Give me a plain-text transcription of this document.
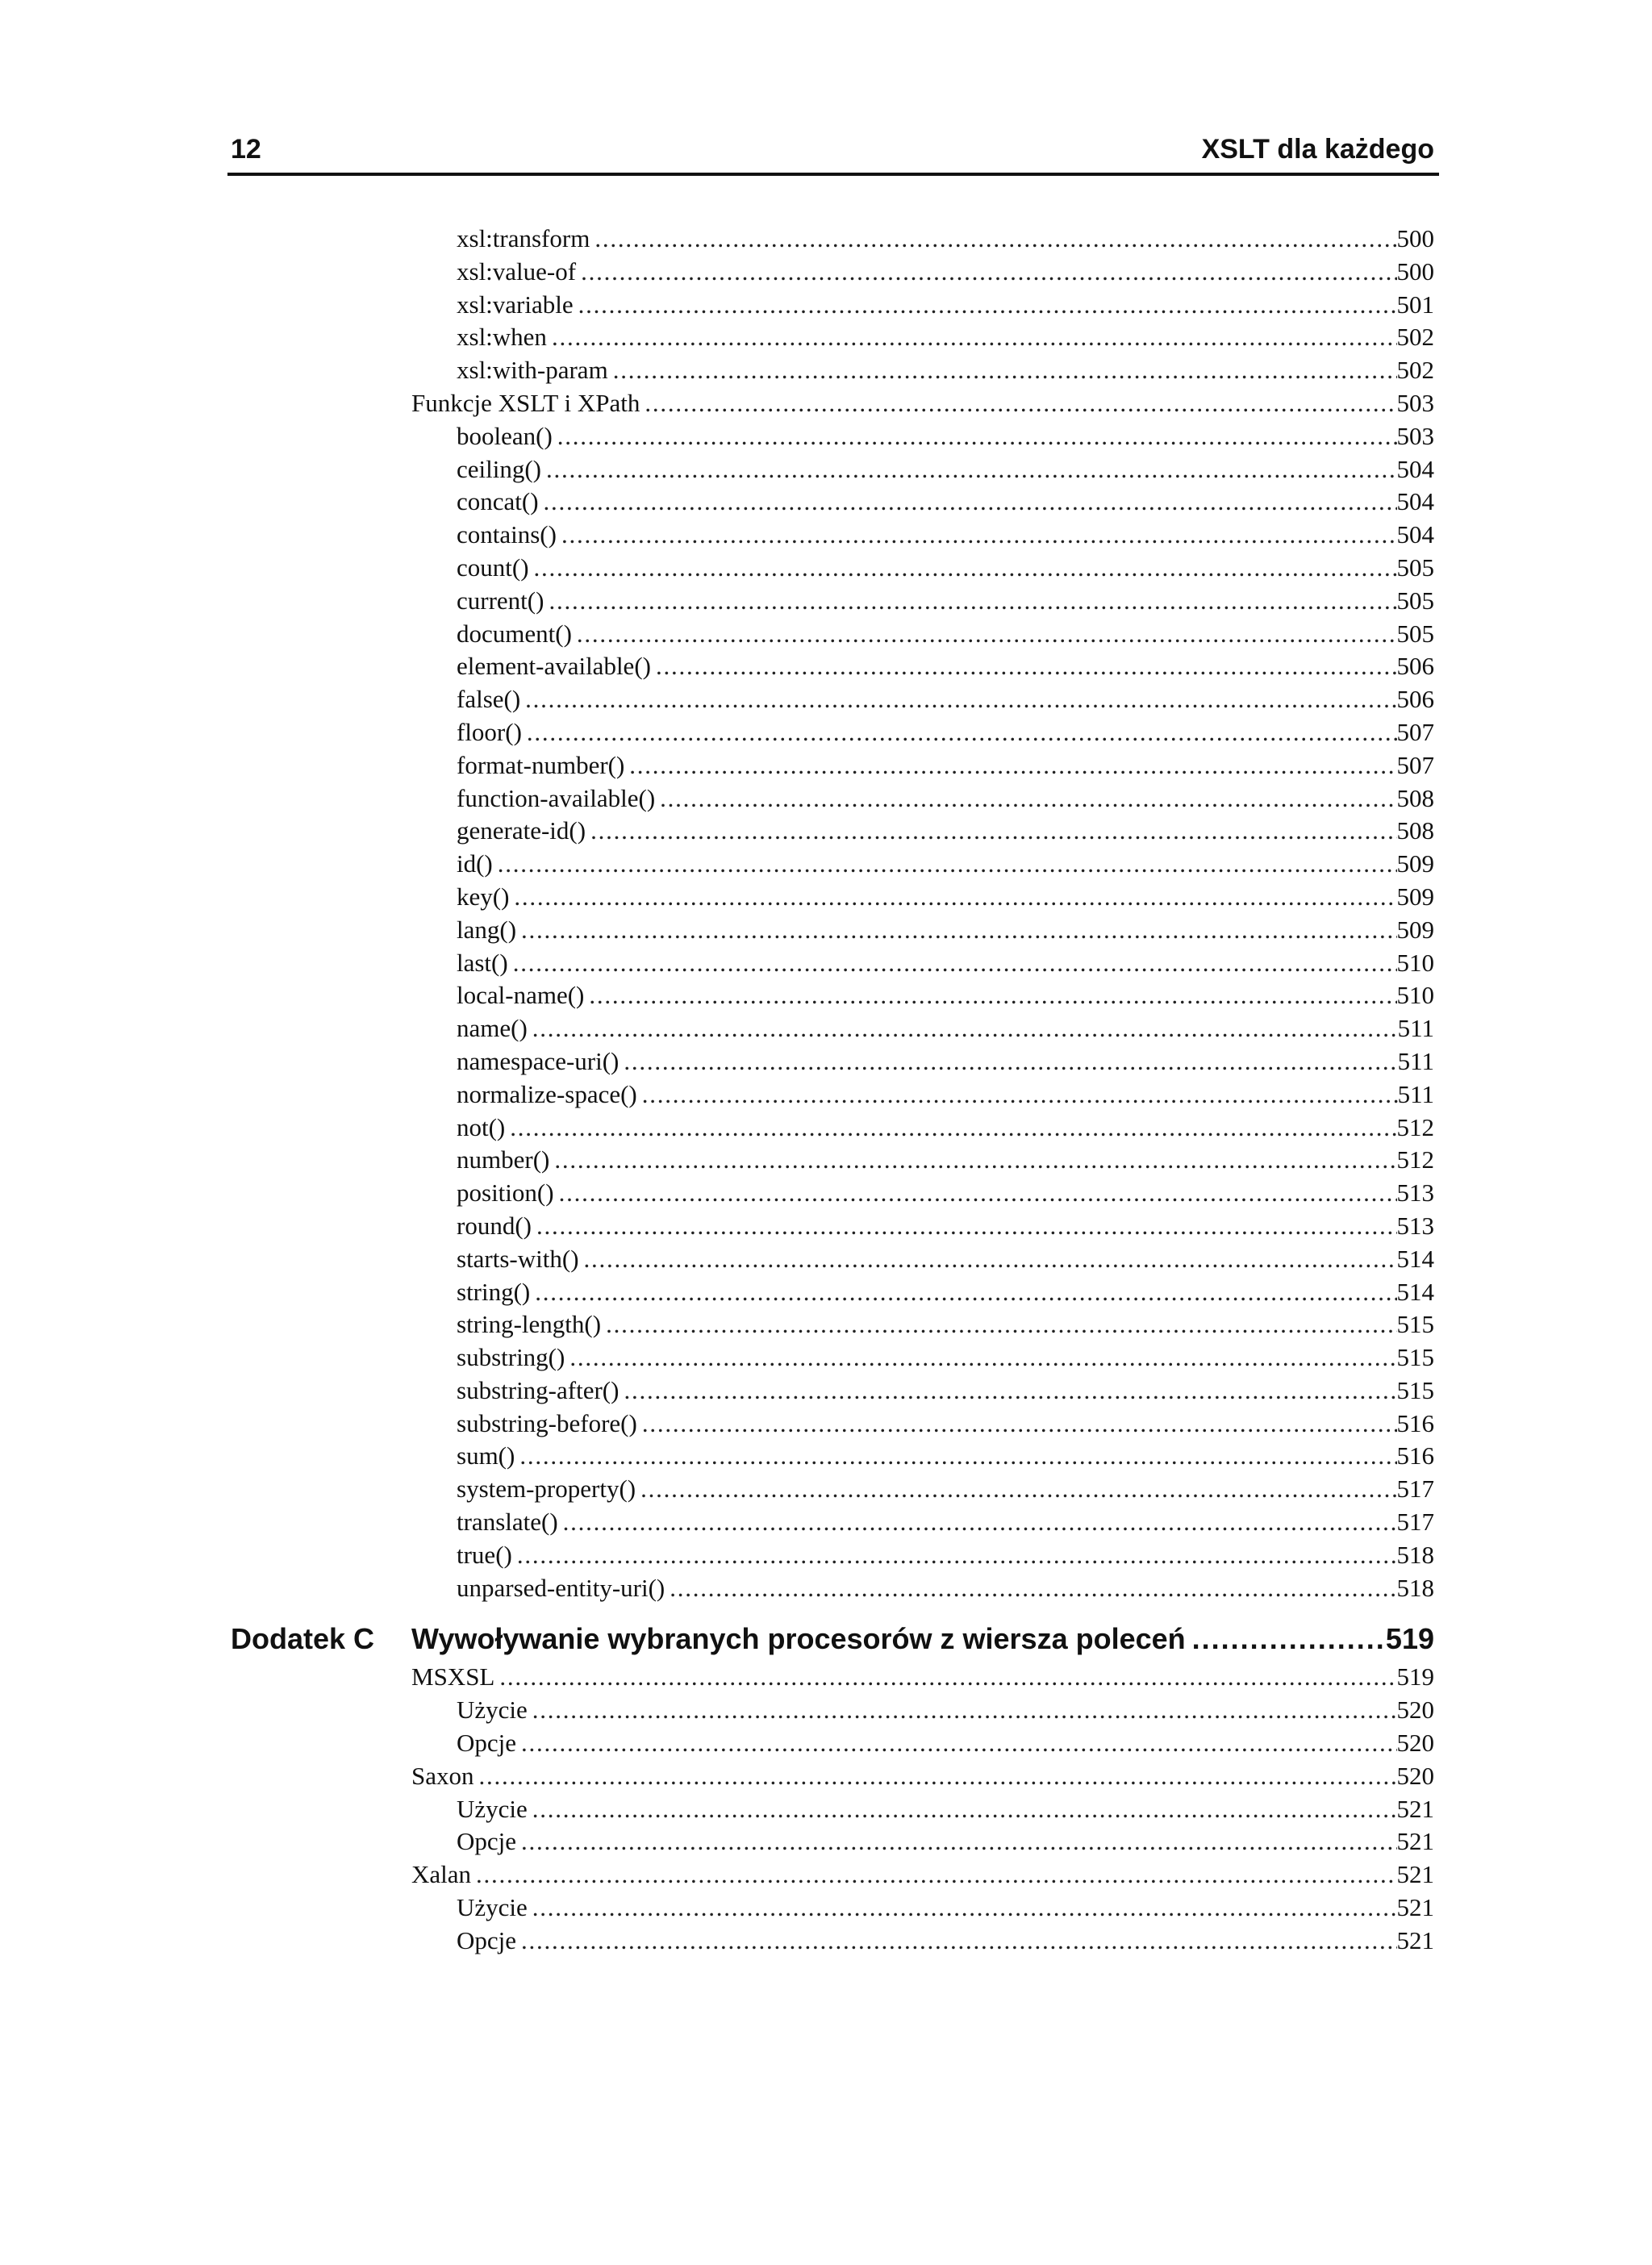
12	XSLT dla każdego
xsl:transform . . .	500
xsl:value-of . . .	500
xsl:variable . . .	501
xsl:when . . .	502
xsl:with-param . . .	502
Funkcje XSLT i XPath . . .	503
boolean() . . .	503
ceiling() . . .	504
concat() . . .	504
contains() . . .	504
count() . . .	505
current() . . .	505
document() . . .	505
element-available() . . .	506
false() . . .	506
floor() . . .	507
format-number() . . .	507
function-available() . . .	508
generate-id() . . .	508
id() . . .	509
key() . . .	509
lang() . . .	509
last() . . .	510
local-name() . . .	510
name() . . .	511
namespace-uri() . . .	511
normalize-space() . . .	511
not() . . .	512
number() . . .	512
position() . . .	513
round() . . .	513
starts-with() . . .	514
string() . . .	514
string-length() . . .	515
substring() . . .	515
substring-after() . . .	515
substring-before() . . .	516
sum() . . .	516
system-property() . . .	517
translate() . . .	517
true() . . .	518
unparsed-entity-uri() . . .	518
Dodatek C Wywoływanie wybranych procesorów z wiersza poleceń . . .	519
MSXSL . . .	519
Użycie . . .	520
Opcje . . .	520
Saxon . . .	520
Użycie . . .	521
Opcje . . .	521
Xalan . . .	521
Użycie . . .	521
Opcje . . .	521
